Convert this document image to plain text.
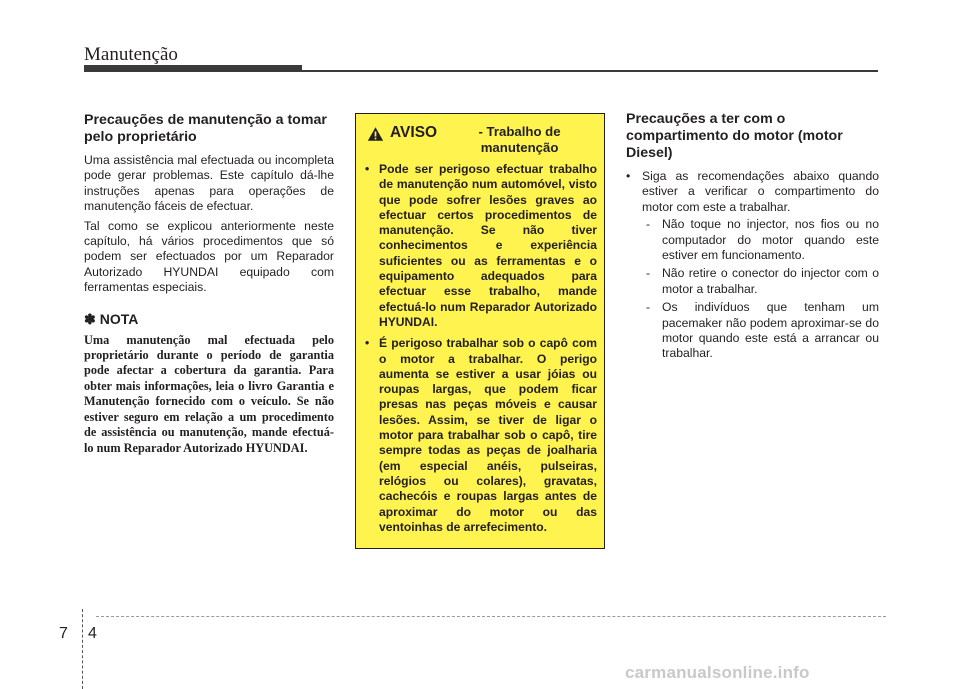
Manutenção
Precauções de manutenção a tomar pelo proprietário

Uma assistência mal efectuada ou incompleta pode gerar problemas. Este capítulo dá-lhe instruções apenas para operações de manutenção fáceis de efectuar.

Tal como se explicou anteriormente neste capítulo, há vários procedimentos que só podem ser efectuados por um Reparador Autorizado HYUNDAI equipado com ferramentas especiais.

✽ NOTA

Uma manutenção mal efectuada pelo proprietário durante o período de garantia pode afectar a cobertura da garantia. Para obter mais informações, leia o livro Garantia e Manutenção fornecido com o veículo. Se não estiver seguro em relação a um procedimento de assistência ou manutenção, mande efectuá-lo num Reparador Autorizado HYUNDAI.

AVISO	- Trabalho de manutenção
• Pode ser perigoso efectuar trabalho de manutenção num automóvel, visto que pode sofrer lesões graves ao efectuar certos procedimentos de manutenção. Se não tiver conhecimentos e experiência suficientes ou as ferramentas e o equipamento adequados para efectuar esse trabalho, mande efectuá-lo num Reparador Autorizado HYUNDAI.
• É perigoso trabalhar sob o capô com o motor a trabalhar. O perigo aumenta se estiver a usar jóias ou roupas largas, que podem ficar presas nas peças móveis e causar lesões. Assim, se tiver de ligar o motor para trabalhar sob o capô, tire sempre todas as peças de joalharia (em especial anéis, pulseiras, relógios ou colares), gravatas, cachecóis e roupas largas antes de aproximar do motor ou das ventoinhas de arrefecimento.
Precauções a ter com o compartimento do motor (motor Diesel)
• Siga as recomendações abaixo quando estiver a verificar o compartimento do motor com este a trabalhar.
- Não toque no injector, nos fios ou no computador do motor quando este estiver em funcionamento.
- Não retire o conector do injector com o motor a trabalhar.
- Os indivíduos que tenham um pacemaker não podem aproximar-se do motor quando este está a arrancar ou trabalhar.
7 4
carmanualsonline.info
